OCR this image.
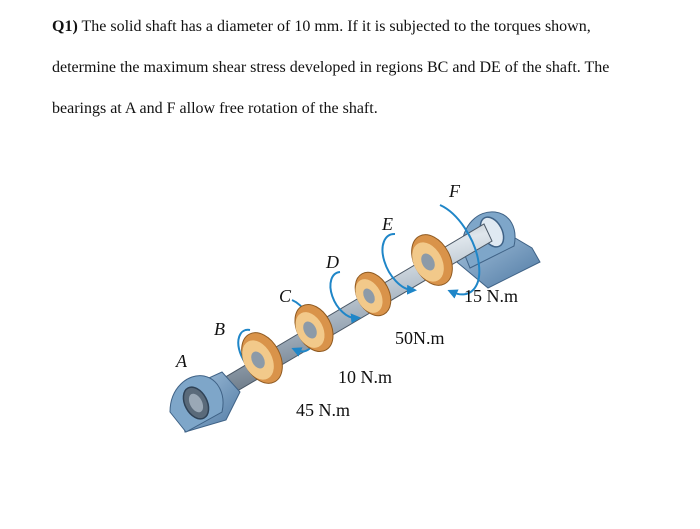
Q1) The solid shaft has a diameter of 10 mm. If it is subjected to the torques shown,
determine the maximum shear stress developed in regions BC and DE of the shaft. The
bearings at A and F allow free rotation of the shaft.
A
B
C
D
E
F
45 N.m
10 N.m
50N.m
15 N.m
